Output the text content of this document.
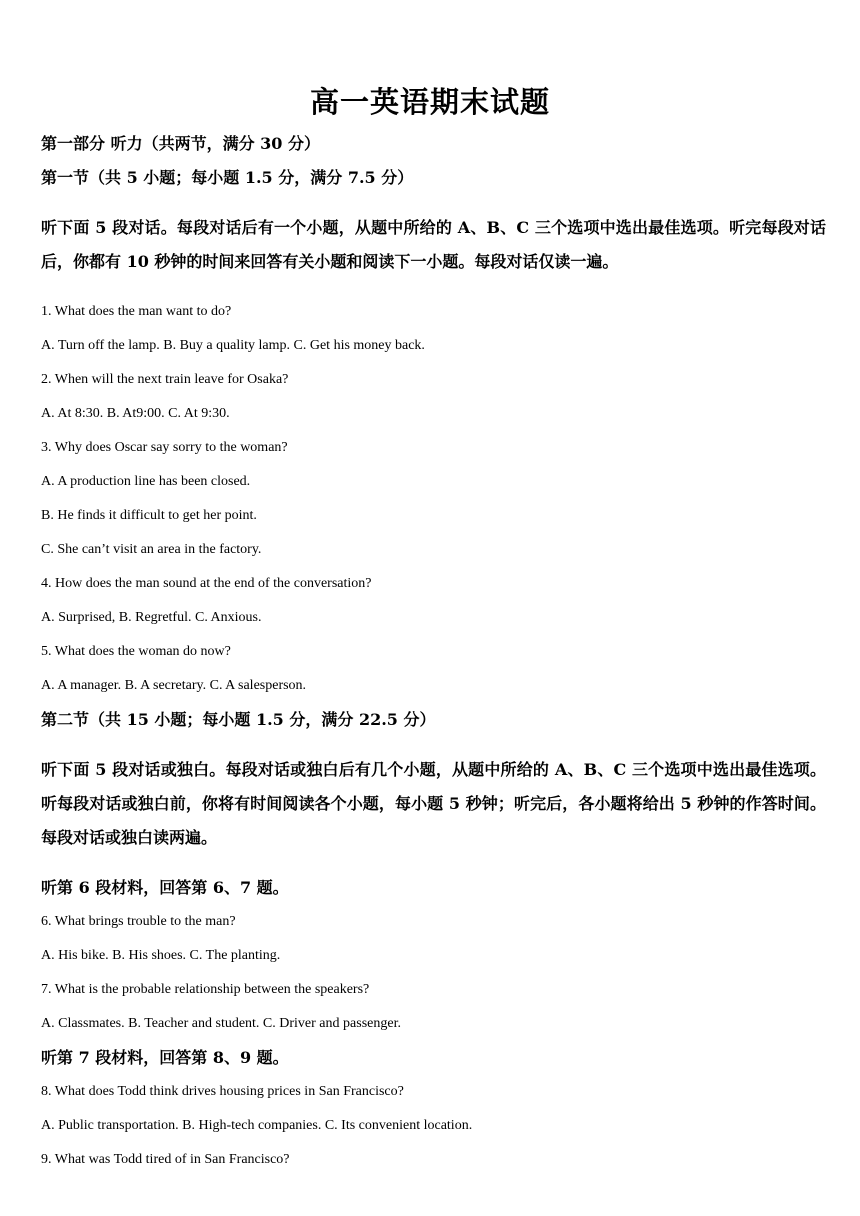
高一英语期末试题

第一部分 听力（共两节，满分 30 分）

第一节（共 5 小题；每小题 1.5 分，满分 7.5 分）

听下面 5 段对话。每段对话后有一个小题，从题中所给的 A、B、C 三个选项中选出最佳选项。听完每段对话后，你都有 10 秒钟的时间来回答有关小题和阅读下一小题。每段对话仅读一遍。

1. What does the man want to do?

A. Turn off the lamp. B. Buy a quality lamp. C. Get his money back.

2. When will the next train leave for Osaka?

A. At 8:30. B. At9:00. C. At 9:30.

3. Why does Oscar say sorry to the woman?

A. A production line has been closed.

B. He finds it difficult to get her point.

C. She can’t visit an area in the factory.

4. How does the man sound at the end of the conversation?

A. Surprised, B. Regretful. C. Anxious.

5. What does the woman do now?

A. A manager. B. A secretary. C. A salesperson.

第二节（共 15 小题；每小题 1.5 分，满分 22.5 分）

听下面 5 段对话或独白。每段对话或独白后有几个小题，从题中所给的 A、B、C 三个选项中选出最佳选项。听每段对话或独白前，你将有时间阅读各个小题，每小题 5 秒钟；听完后，各小题将给出 5 秒钟的作答时间。每段对话或独白读两遍。

听第 6 段材料，回答第 6、7 题。

6. What brings trouble to the man?

A. His bike. B. His shoes. C. The planting.

7. What is the probable relationship between the speakers?

A. Classmates. B. Teacher and student. C. Driver and passenger.

听第 7 段材料，回答第 8、9 题。

8. What does Todd think drives housing prices in San Francisco?

A. Public transportation. B. High-tech companies. C. Its convenient location.

9. What was Todd tired of in San Francisco?
